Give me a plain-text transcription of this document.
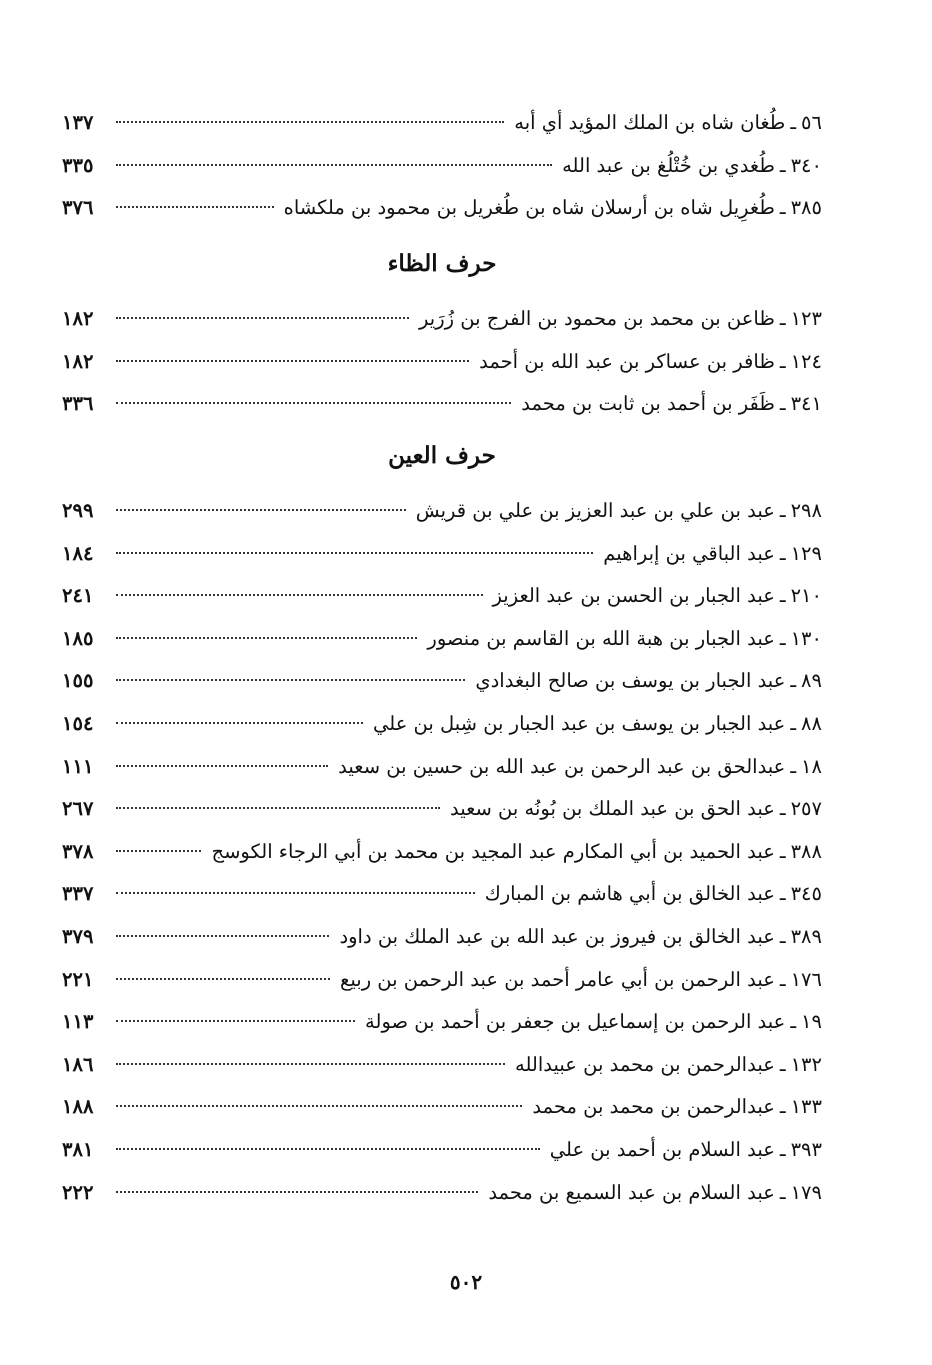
٥٦
ـ
طُغان شاه بن الملك المؤيد أي أبه
١٣٧
٣٤٠
ـ
طُغدي بن خُتْلُغ بن عبد الله
٣٣٥
٣٨٥
ـ
طُغرِيل شاه بن أرسلان شاه بن طُغريل بن محمود بن ملكشاه
٣٧٦
حرف الظاء
١٢٣
ـ
ظاعن بن محمد بن محمود بن الفرج بن زُرَير
١٨٢
١٢٤
ـ
ظافر بن عساكر بن عبد الله بن أحمد
١٨٢
٣٤١
ـ
ظَفَر بن أحمد بن ثابت بن محمد
٣٣٦
حرف العين
٢٩٨
ـ
عبد بن علي بن عبد العزيز بن علي بن قريش
٢٩٩
١٢٩
ـ
عبد الباقي بن إبراهيم
١٨٤
٢١٠
ـ
عبد الجبار بن الحسن بن عبد العزيز
٢٤١
١٣٠
ـ
عبد الجبار بن هبة الله بن القاسم بن منصور
١٨٥
٨٩
ـ
عبد الجبار بن يوسف بن صالح البغدادي
١٥٥
٨٨
ـ
عبد الجبار بن يوسف بن عبد الجبار بن شِبل بن علي
١٥٤
١٨
ـ
عبدالحق بن عبد الرحمن بن عبد الله بن حسين بن سعيد
١١١
٢٥٧
ـ
عبد الحق بن عبد الملك بن بُونُه بن سعيد
٢٦٧
٣٨٨
ـ
عبد الحميد بن أبي المكارم عبد المجيد بن محمد بن أبي الرجاء الكوسج
٣٧٨
٣٤٥
ـ
عبد الخالق بن أبي هاشم بن المبارك
٣٣٧
٣٨٩
ـ
عبد الخالق بن فيروز بن عبد الله بن عبد الملك بن داود
٣٧٩
١٧٦
ـ
عبد الرحمن بن أبي عامر أحمد بن عبد الرحمن بن ربيع
٢٢١
١٩
ـ
عبد الرحمن بن إسماعيل بن جعفر بن أحمد بن صولة
١١٣
١٣٢
ـ
عبدالرحمن بن محمد بن عبيدالله
١٨٦
١٣٣
ـ
عبدالرحمن بن محمد بن محمد
١٨٨
٣٩٣
ـ
عبد السلام بن أحمد بن علي
٣٨١
١٧٩
ـ
عبد السلام بن عبد السميع بن محمد
٢٢٢
٥٠٢
